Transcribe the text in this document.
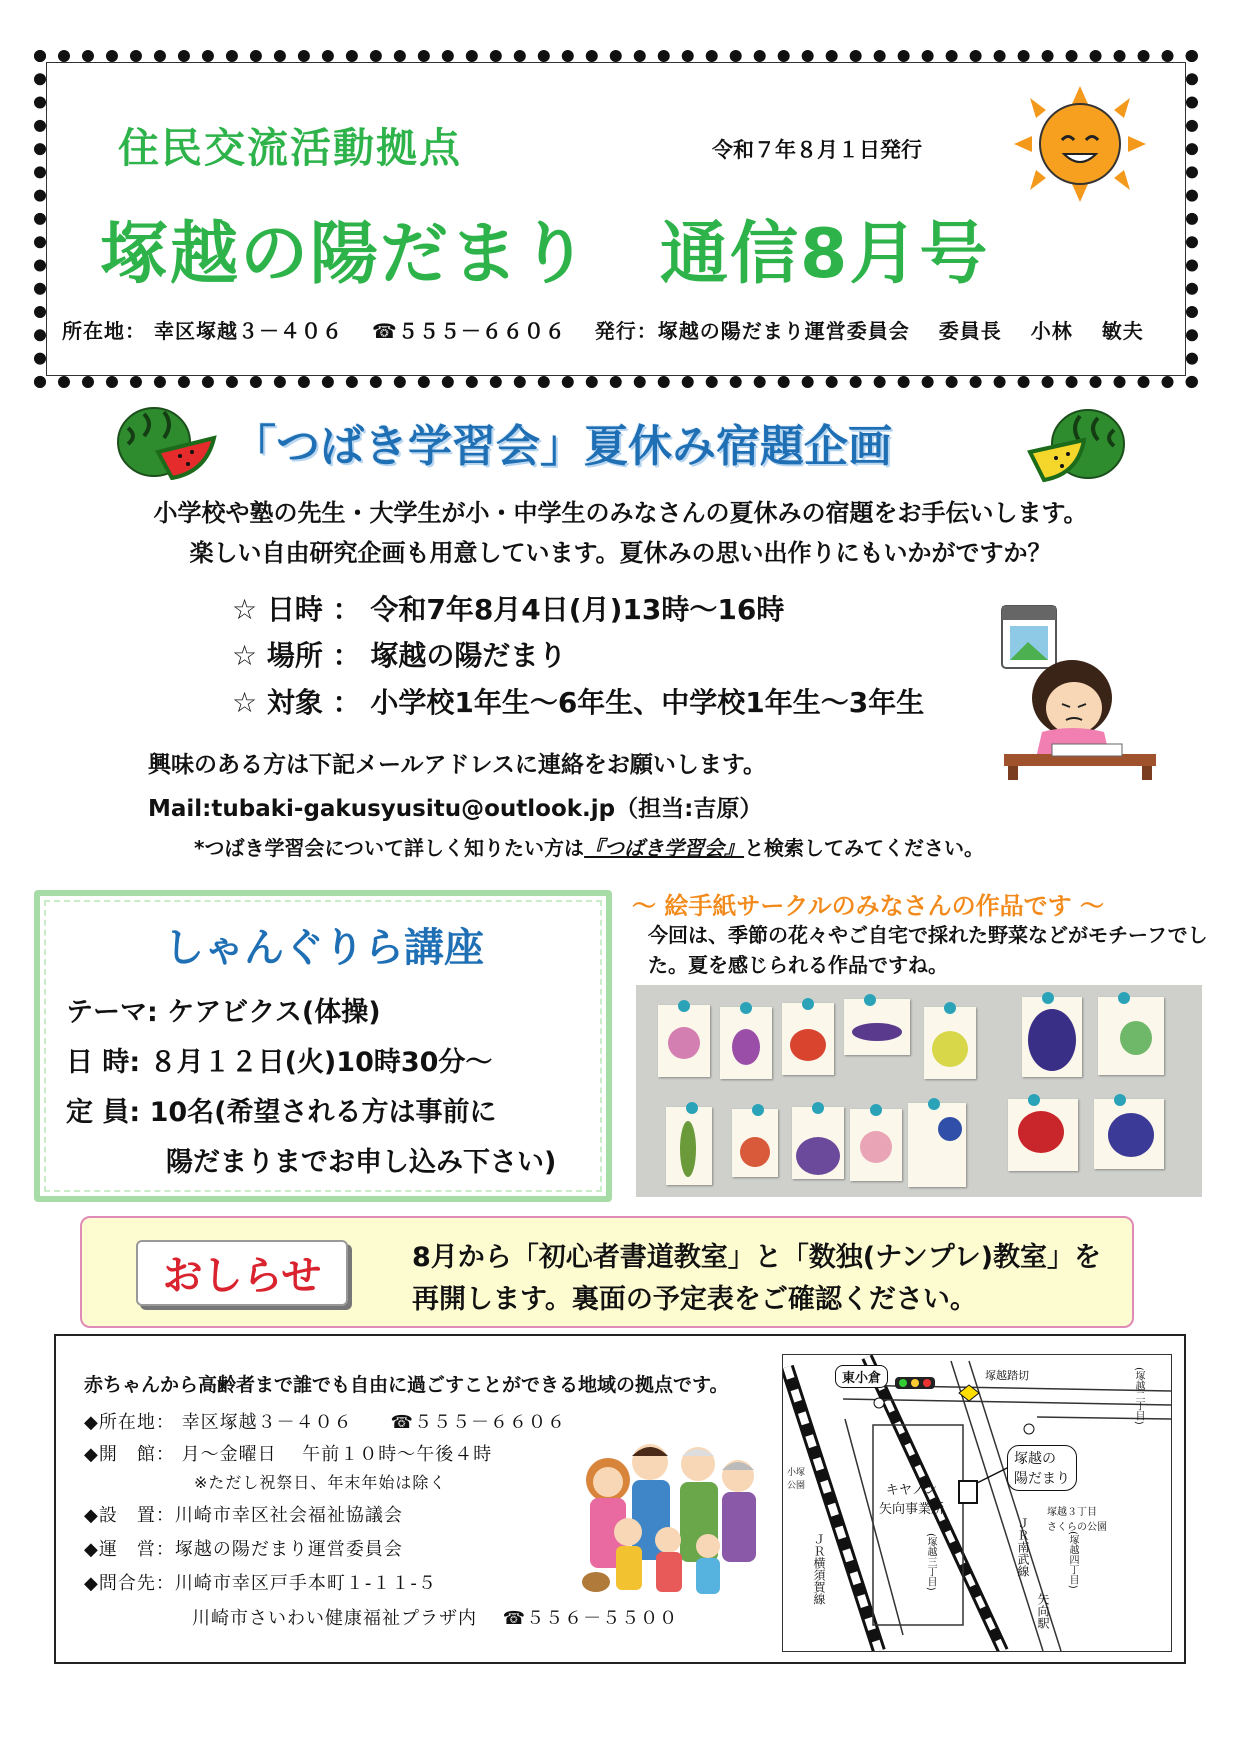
住民交流活動拠点	令和７年８月１日発行
塚越の陽だまり　通信8月号
所在地： 幸区塚越３－４０６　 ☎５５５－６６０６　 発行：塚越の陽だまり運営委員会　 委員長　 小林　 敏夫
「つばき学習会」夏休み宿題企画
小学校や塾の先生・大学生が小・中学生のみなさんの夏休みの宿題をお手伝いします。
楽しい自由研究企画も用意しています。夏休みの思い出作りにもいかがですか？
☆ 日時 ： 令和7年8月4日(月)13時～16時
☆ 場所 ： 塚越の陽だまり
☆ 対象 ： 小学校1年生～6年生、中学校1年生～3年生
興味のある方は下記メールアドレスに連絡をお願いします。
Mail:tubaki-gakusyusitu@outlook.jp（担当:吉原）
*つばき学習会について詳しく知りたい方は『つばき学習会』と検索してみてください。
しゃんぐりら講座
テーマ: ケアビクス(体操)
日 時: ８月１２日(火)10時30分～
定 員: 10名(希望される方は事前に
陽だまりまでお申し込み下さい)
～ 絵手紙サークルのみなさんの作品です ～
今回は、季節の花々やご自宅で採れた野菜などがモチーフでした。夏を感じられる作品ですね。
おしらせ	8月から「初心者書道教室」と「数独(ナンプレ)教室」を
再開します。裏面の予定表をご確認ください。
赤ちゃんから高齢者まで誰でも自由に過ごすことができる地域の拠点です。
◆所在地： 幸区塚越３－４０６　　☎５５５－６６０６
◆開　館： 月～金曜日　 午前１０時～午後４時
※ただし祝祭日、年末年始は除く
◆設　置：川崎市幸区社会福祉協議会
◆運　営：塚越の陽だまり運営委員会
◆問合先：川崎市幸区戸手本町１-１１-５
川崎市さいわい健康福祉プラザ内　 ☎５５６－５５００
東小倉	塚越踏切	(塚越二丁目)
キヤノン
矢向事業所
塚越の
陽だまり
塚越３丁目
さくらの公園
(塚越三丁目)	(塚越四丁目)
ＪＲ南武線
ＪＲ横須賀線
矢向駅
小塚
公園
